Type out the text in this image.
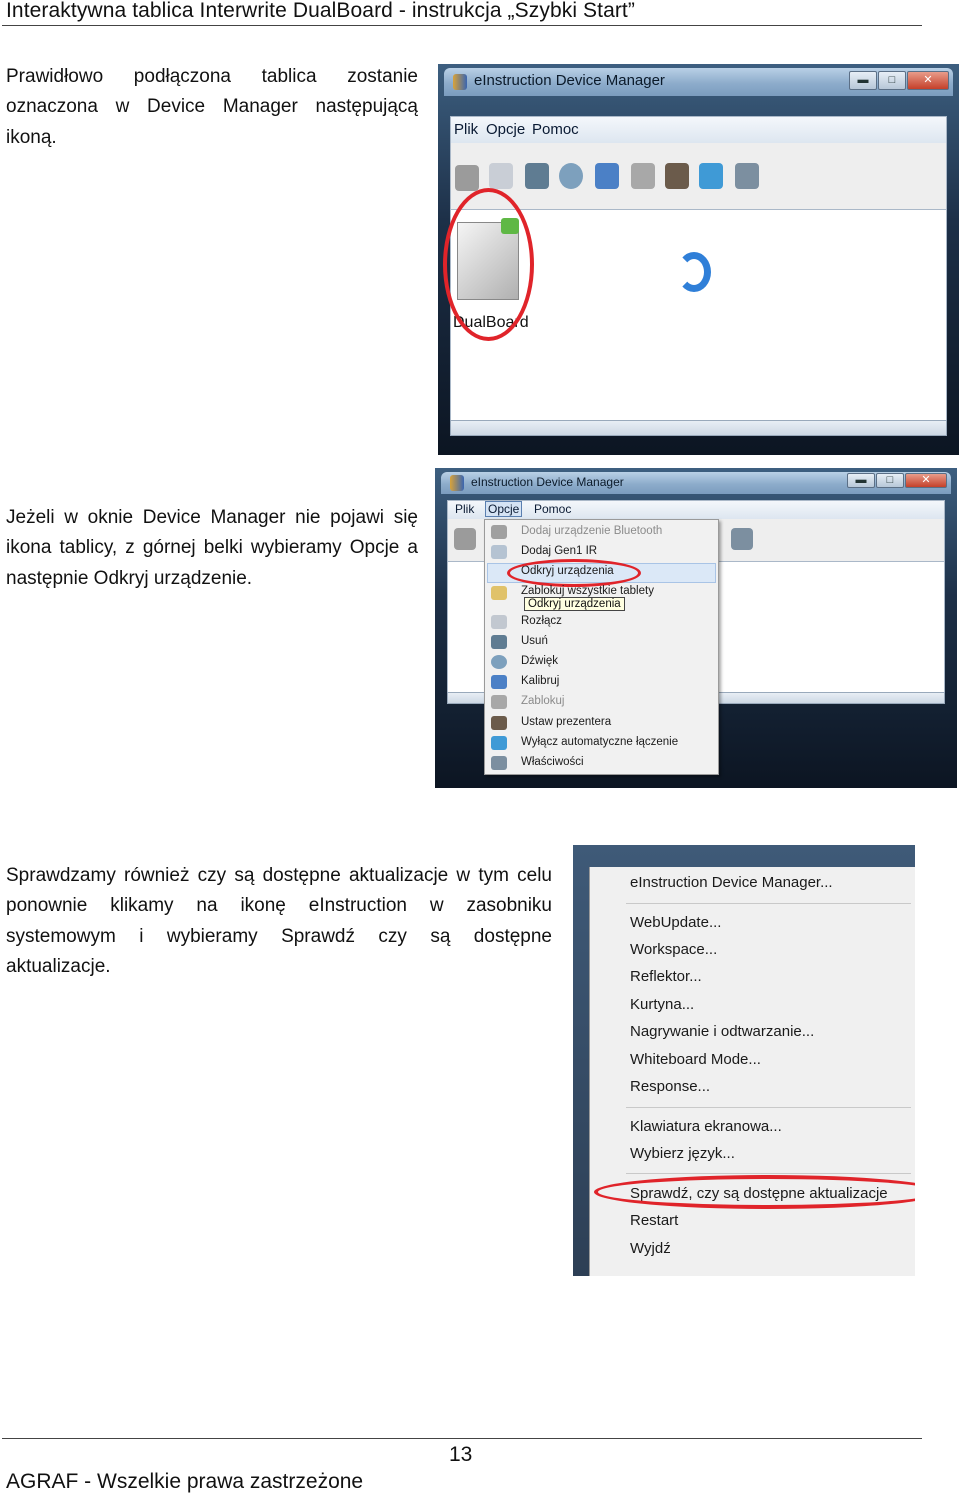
Interaktywna tablica Interwrite DualBoard - instrukcja „Szybki Start”
Prawidłowo podłączona tablica zostanie
oznaczona w Device Manager następującą
ikoną.
eInstruction Device Manager	▬	□	✕
Plik Opcje Pomoc
DualBoard
Jeżeli w oknie Device Manager nie pojawi się
ikona tablicy, z górnej belki wybieramy Opcje a
następnie Odkryj urządzenie.
eInstruction Device Manager	▬	□	✕
Plik Opcje Pomoc
Dodaj urządzenie Bluetooth
Dodaj Gen1 IR
Odkryj urządzenia
Zablokuj wszystkie tablety
Odkryj urządzenia
Rozłącz
Usuń
Dźwięk
Kalibruj
Zablokuj
Ustaw prezentera
Wyłącz automatyczne łączenie
Właściwości
Sprawdzamy również czy są dostępne aktualizacje w tym celu
ponownie klikamy na ikonę eInstruction w zasobniku
systemowym i wybieramy Sprawdź czy są dostępne
aktualizacje.
eInstruction Device Manager...
WebUpdate...
Workspace...
Reflektor...
Kurtyna...
Nagrywanie i odtwarzanie...
Whiteboard Mode...
Response...
Klawiatura ekranowa...
Wybierz język...
Sprawdź, czy są dostępne aktualizacje
Restart
Wyjdź
13
AGRAF - Wszelkie prawa zastrzeżone
